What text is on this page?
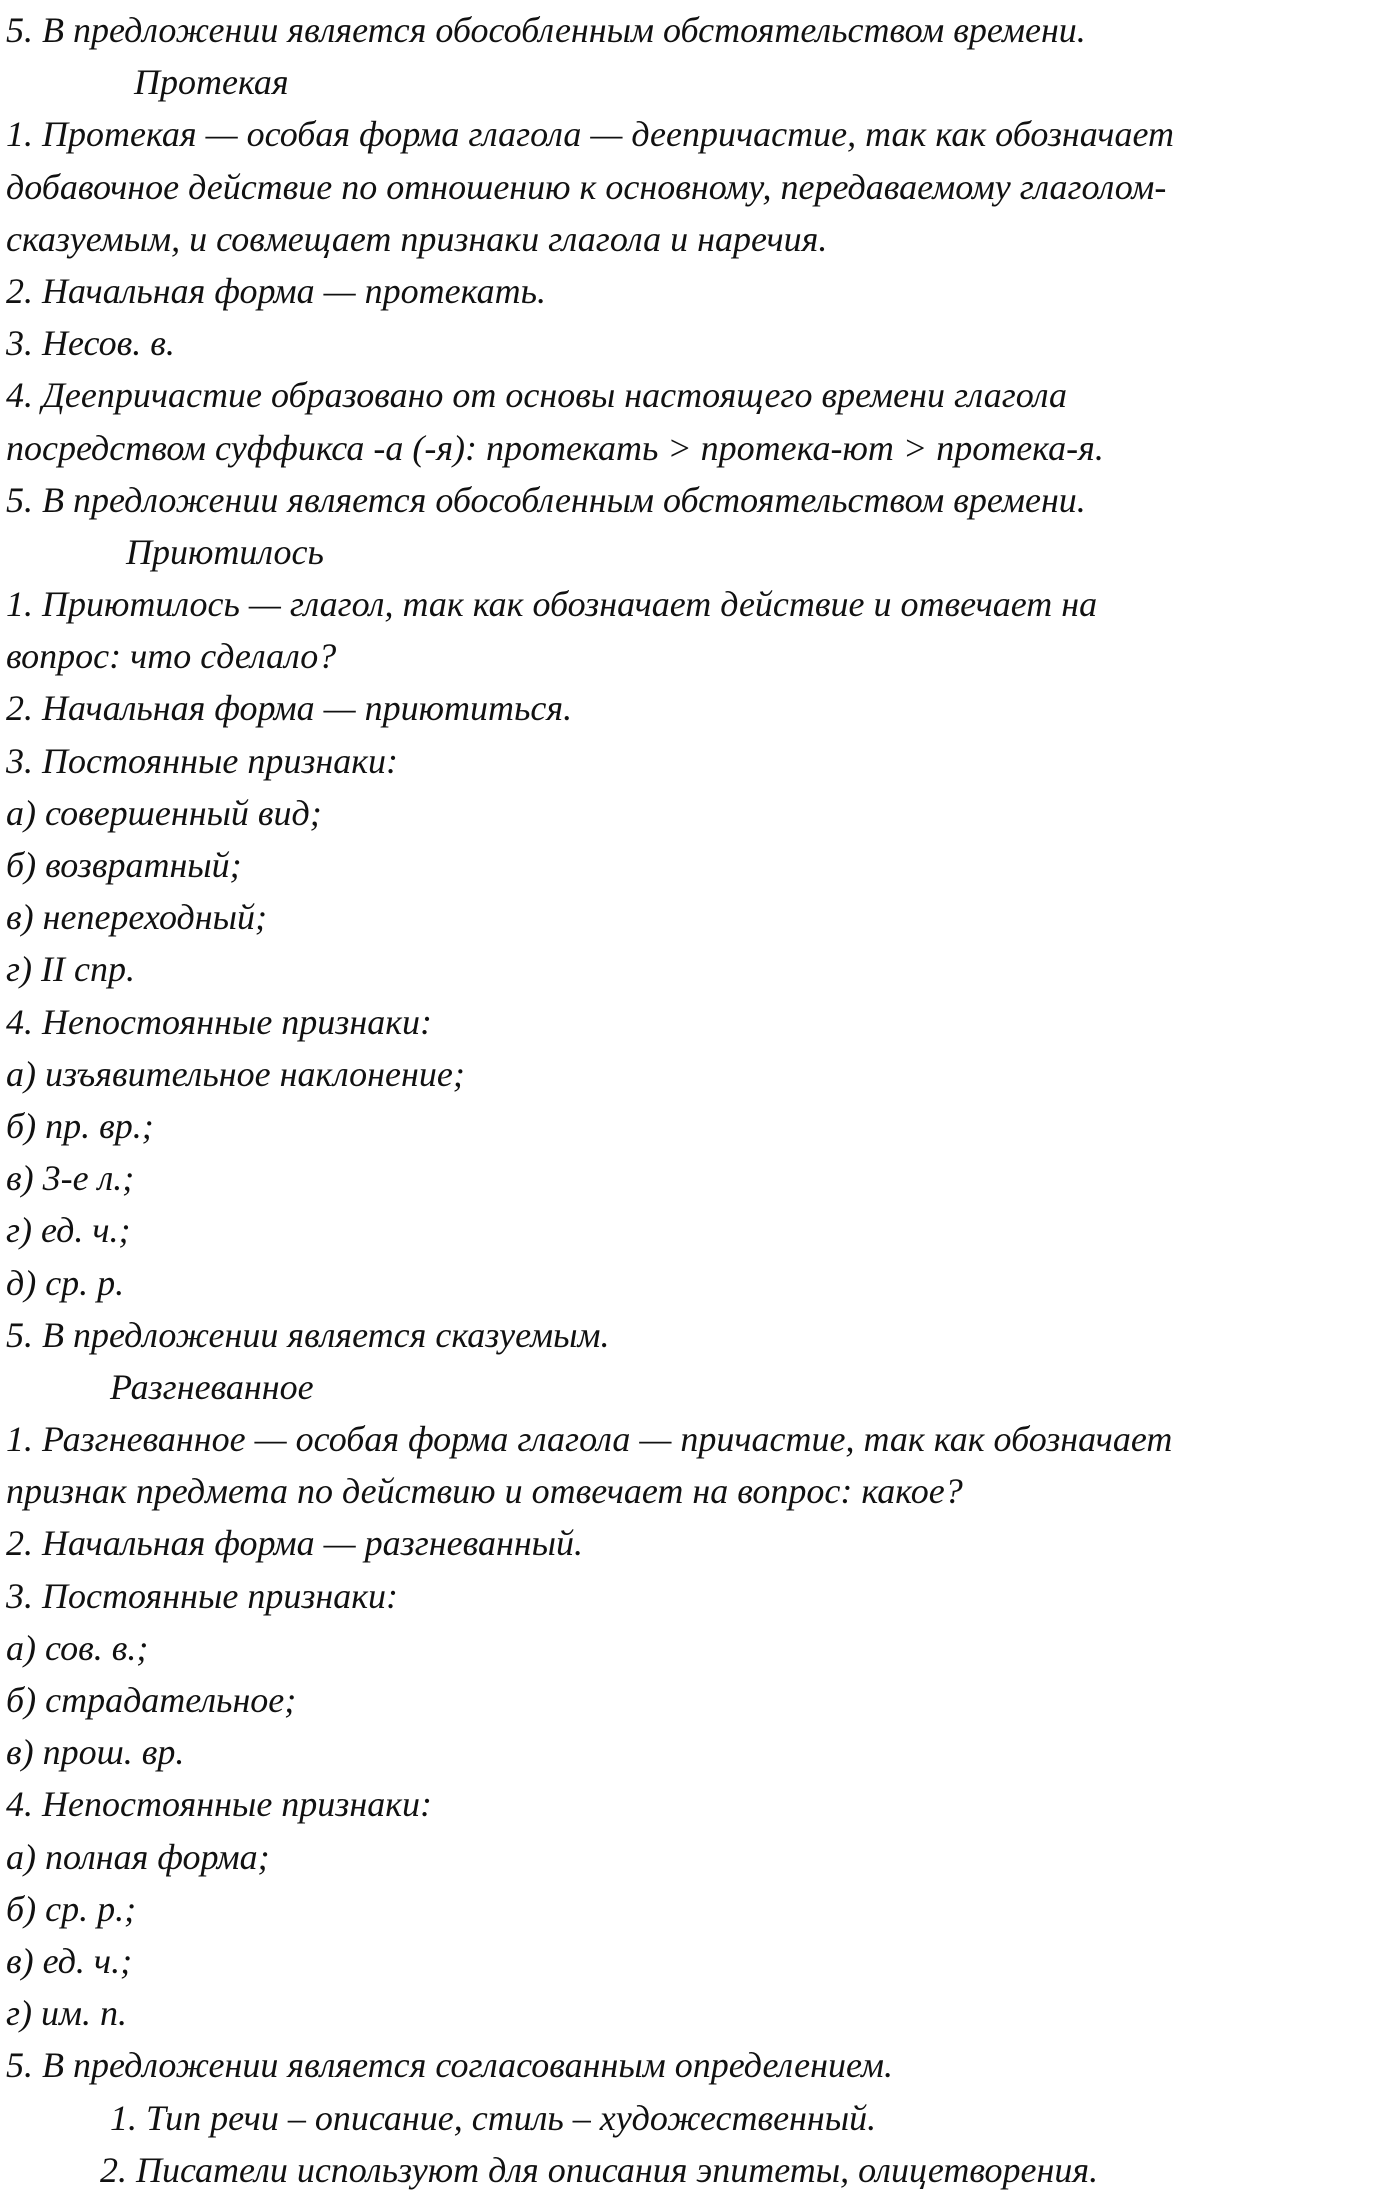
5. В предложении является обособленным обстоятельством времени.
Протекая
1. Протекая — особая форма глагола — деепричастие, так как обозначает
добавочное действие по отношению к основному, передаваемому глаголом-
сказуемым, и совмещает признаки глагола и наречия.
2. Начальная форма — протекать.
3. Несов. в.
4. Деепричастие образовано от основы настоящего времени глагола
посредством суффикса -а (-я): протекать > протека-ют > протека-я.
5. В предложении является обособленным обстоятельством времени.
Приютилось
1. Приютилось — глагол, так как обозначает действие и отвечает на
вопрос: что сделало?
2. Начальная форма — приютиться.
3. Постоянные признаки:
а) совершенный вид;
б) возвратный;
в) непереходный;
г) II спр.
4. Непостоянные признаки:
а) изъявительное наклонение;
б) пр. вр.;
в) 3-е л.;
г) ед. ч.;
д) ср. р.
5. В предложении является сказуемым.
Разгневанное
1. Разгневанное — особая форма глагола — причастие, так как обозначает
признак предмета по действию и отвечает на вопрос: какое?
2. Начальная форма — разгневанный.
3. Постоянные признаки:
а) сов. в.;
б) страдательное;
в) прош. вр.
4. Непостоянные признаки:
а) полная форма;
б) ср. р.;
в) ед. ч.;
г) им. п.
5. В предложении является согласованным определением.
1. Тип речи – описание, стиль – художественный.
2. Писатели используют для описания эпитеты, олицетворения.
